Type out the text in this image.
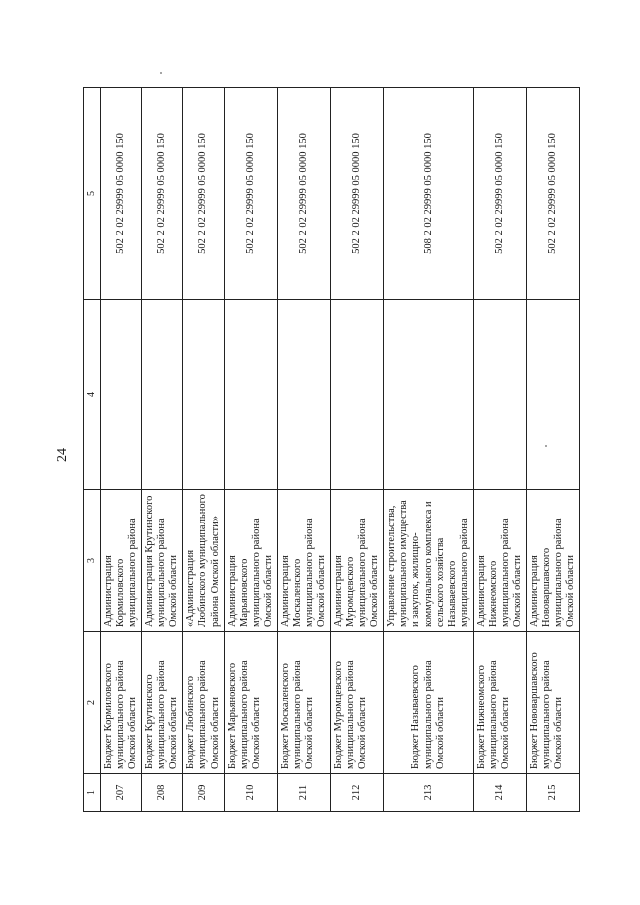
24
1	2	3	4	5
207	Бюджет Кормиловского муниципального района Омской области	Администрация Кормиловского муниципального района		502 2 02 29999 05 0000 150
208	Бюджет Крутинского муниципального района Омской области	Администрация Крутинского муниципального района Омской области		502 2 02 29999 05 0000 150
209	Бюджет Любинского муниципального района Омской области	«Администрация Любинского муниципального района Омской области»		502 2 02 29999 05 0000 150
210	Бюджет Марьяновского муниципального района Омской области	Администрация Марьяновского муниципального района Омской области		502 2 02 29999 05 0000 150
211	Бюджет Москаленского муниципального района Омской области	Администрация Москаленского муниципального района Омской области		502 2 02 29999 05 0000 150
212	Бюджет Муромцевского муниципального района Омской области	Администрация Муромцевского муниципального района Омской области		502 2 02 29999 05 0000 150
213	Бюджет Называевского муниципального района Омской области	Управление строительства, муниципального имущества и закупок, жилищно-коммунального комплекса и сельского хозяйства Называевского муниципального района		508 2 02 29999 05 0000 150
214	Бюджет Нижнеомского муниципального района Омской области	Администрация Нижнеомского муниципального района Омской области		502 2 02 29999 05 0000 150
215	Бюджет Нововаршавского муниципального района Омской области	Администрация Нововаршавского муниципального района Омской области		502 2 02 29999 05 0000 150
